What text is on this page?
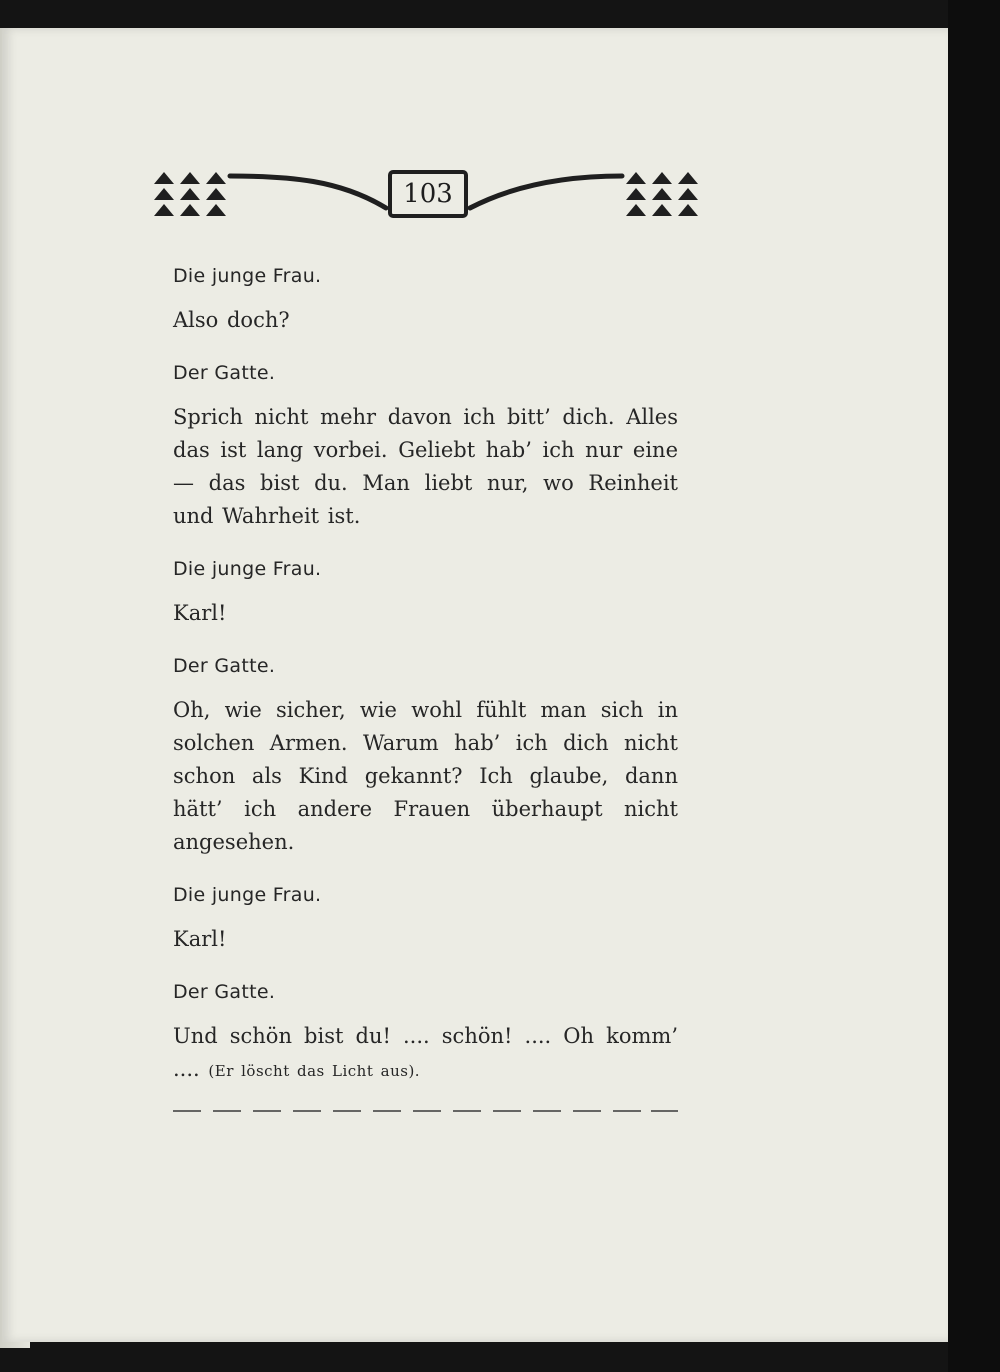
103

Die junge Frau.

Also doch?

Der Gatte.

Sprich nicht mehr davon ich bitt’ dich. Alles das ist lang vorbei. Geliebt hab’ ich nur eine — das bist du. Man liebt nur, wo Reinheit und Wahrheit ist.

Die junge Frau.

Karl!

Der Gatte.

Oh, wie sicher, wie wohl fühlt man sich in solchen Armen. Warum hab’ ich dich nicht schon als Kind gekannt? Ich glaube, dann hätt’ ich andere Frauen überhaupt nicht angesehen.

Die junge Frau.

Karl!

Der Gatte.

Und schön bist du! .... schön! .... Oh komm’ .... (Er löscht das Licht aus).
